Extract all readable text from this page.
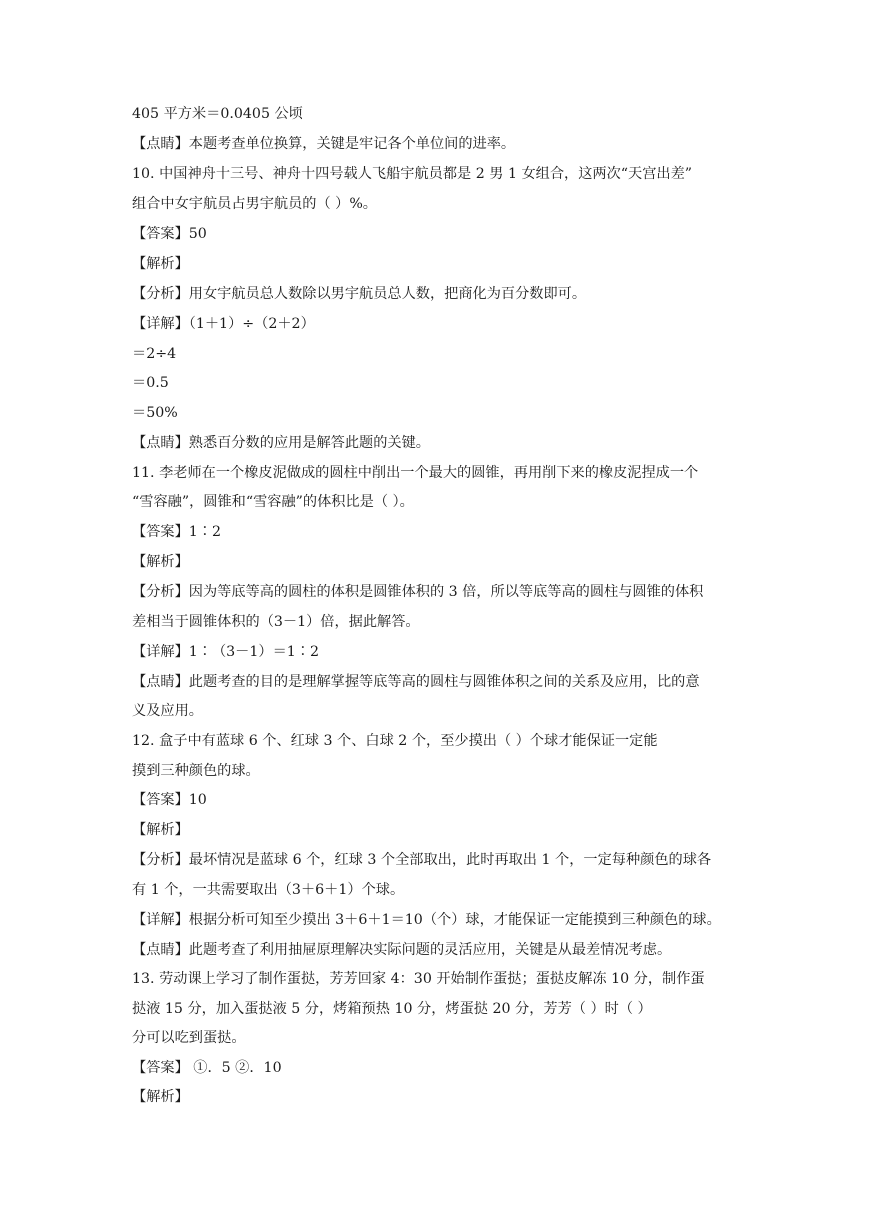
405 平方米＝0.0405 公顷
【点睛】本题考查单位换算，关键是牢记各个单位间的进率。
10. 中国神舟十三号、神舟十四号载人飞船宇航员都是 2 男 1 女组合，这两次“天宫出差”
组合中女宇航员占男宇航员的（ ）%。
【答案】50
【解析】
【分析】用女宇航员总人数除以男宇航员总人数，把商化为百分数即可。
【详解】（1＋1）÷（2＋2）
＝2÷4
＝0.5
＝50%
【点睛】熟悉百分数的应用是解答此题的关键。
11. 李老师在一个橡皮泥做成的圆柱中削出一个最大的圆锥，再用削下来的橡皮泥捏成一个
“雪容融”，圆锥和“雪容融”的体积比是（ ）。
【答案】1∶2
【解析】
【分析】因为等底等高的圆柱的体积是圆锥体积的 3 倍，所以等底等高的圆柱与圆锥的体积
差相当于圆锥体积的（3－1）倍，据此解答。
【详解】1∶（3－1）＝1∶2
【点睛】此题考查的目的是理解掌握等底等高的圆柱与圆锥体积之间的关系及应用，比的意
义及应用。
12. 盒子中有蓝球 6 个、红球 3 个、白球 2 个，至少摸出（ ）个球才能保证一定能
摸到三种颜色的球。
【答案】10
【解析】
【分析】最坏情况是蓝球 6 个，红球 3 个全部取出，此时再取出 1 个，一定每种颜色的球各
有 1 个，一共需要取出（3＋6＋1）个球。
【详解】根据分析可知至少摸出 3＋6＋1＝10（个）球，才能保证一定能摸到三种颜色的球。
【点睛】此题考查了利用抽屉原理解决实际问题的灵活应用，关键是从最差情况考虑。
13. 劳动课上学习了制作蛋挞，芳芳回家 4：30 开始制作蛋挞；蛋挞皮解冻 10 分，制作蛋
挞液 15 分，加入蛋挞液 5 分，烤箱预热 10 分，烤蛋挞 20 分，芳芳（ ）时（ ）
分可以吃到蛋挞。
【答案】 ①．5 ②．10
【解析】
